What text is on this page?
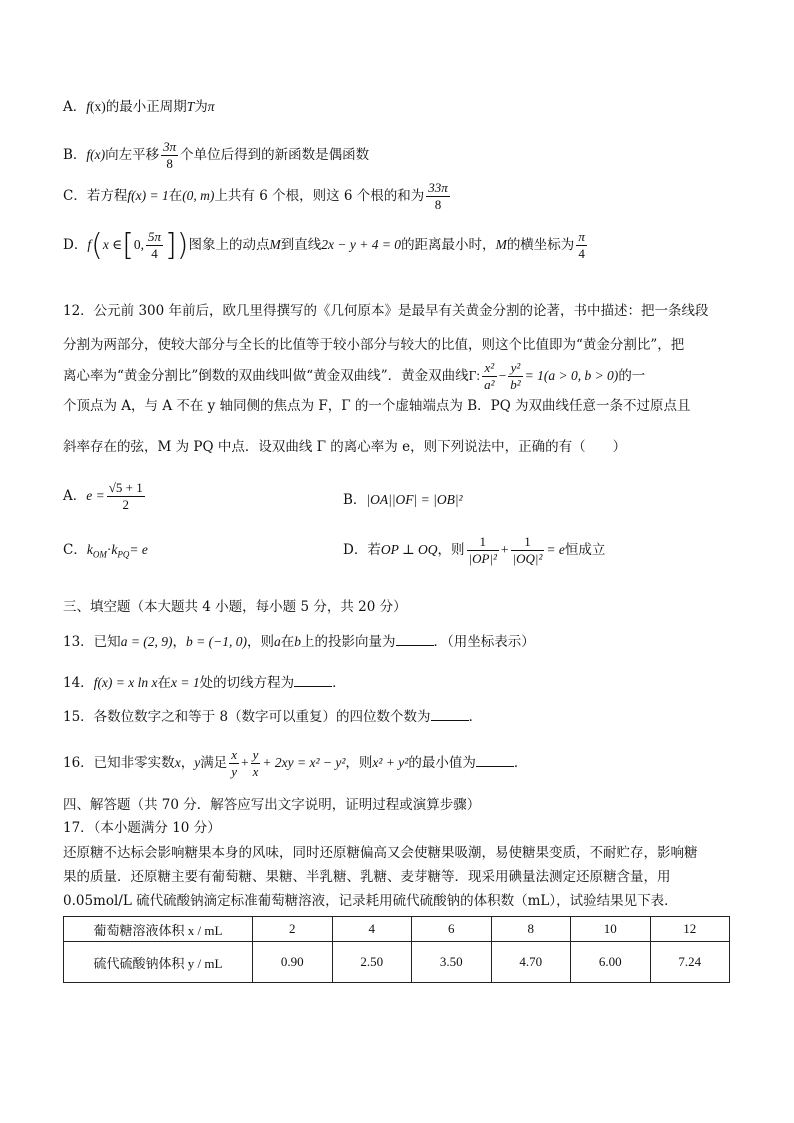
A．f(x)的最小正周期T为π
B．f(x)向左平移 $\frac{3\pi}{8}$ 个单位后得到的新函数是偶函数
C．若方程f(x) = 1在(0, m)上共有 6 个根，则这 6 个根的和为 $\frac{33\pi}{8}$
D．f(x ∈[0, $\frac{5\pi}{4}$ ])图象上的动点M到直线2x − y + 4 = 0的距离最小时，M的横坐标为 $\frac{\pi}{4}$
12．公元前 300 年前后，欧几里得撰写的《几何原本》是最早有关黄金分割的论著，书中描述：把一条线段
分割为两部分，使较大部分与全长的比值等于较小部分与较大的比值，则这个比值即为“黄金分割比”，把
离心率为“黄金分割比”倒数的双曲线叫做“黄金双曲线”．黄金双曲线Γ: $\frac{\text{x²}}{\text{a²}} - \frac{\text{y²}}{\text{b²}} = 1(a > 0$, b > 0)的一
个顶点为 A，与 A 不在 y 轴同侧的焦点为 F，Γ 的一个虚轴端点为 B．PQ 为双曲线任意一条不过原点且
斜率存在的弦，M 为 PQ 中点．设双曲线 Γ 的离心率为 e，则下列说法中，正确的有（　　）
A．$e = \frac{√5 + 1}{2}$	B．|OA||OF| = |OB|²
C．$k_{OM}\cdot k_{PQ}= e$	D．若OP ⊥ OQ，则 $\frac{1}{\text{|OP|²}} + \frac{1}{\text{|OQ|²}} = e$恒成立
三、填空题（本大题共 4 小题，每小题 5 分，共 20 分）
13．已知a = (2, 9)，b = (−1, 0)，则a在b上的投影向量为	．（用坐标表示）
14．f(x) = x ln x在x = 1处的切线方程为	．
15．各数位数字之和等于 8（数字可以重复）的四位数个数为	．
16．已知非零实数x，y满足 $\frac{x}{y} + \frac{y}{x} + 2xy = x^2 - y^2$，则x² + y²的最小值为	．
四、解答题（共 70 分．解答应写出文字说明，证明过程或演算步骤）
17．（本小题满分 10 分）
还原糖不达标会影响糖果本身的风味，同时还原糖偏高又会使糖果吸潮，易使糖果变质，不耐贮存，影响糖
果的质量．还原糖主要有葡萄糖、果糖、半乳糖、乳糖、麦芽糖等．现采用碘量法测定还原糖含量，用
0.05mol/L 硫代硫酸钠滴定标准葡萄糖溶液，记录耗用硫代硫酸钠的体积数（mL），试验结果见下表．
葡萄糖溶液体积 x / mL	2	4	6	8	10	12
硫代硫酸钠体积 y / mL	0.90	2.50	3.50	4.70	6.00	7.24
